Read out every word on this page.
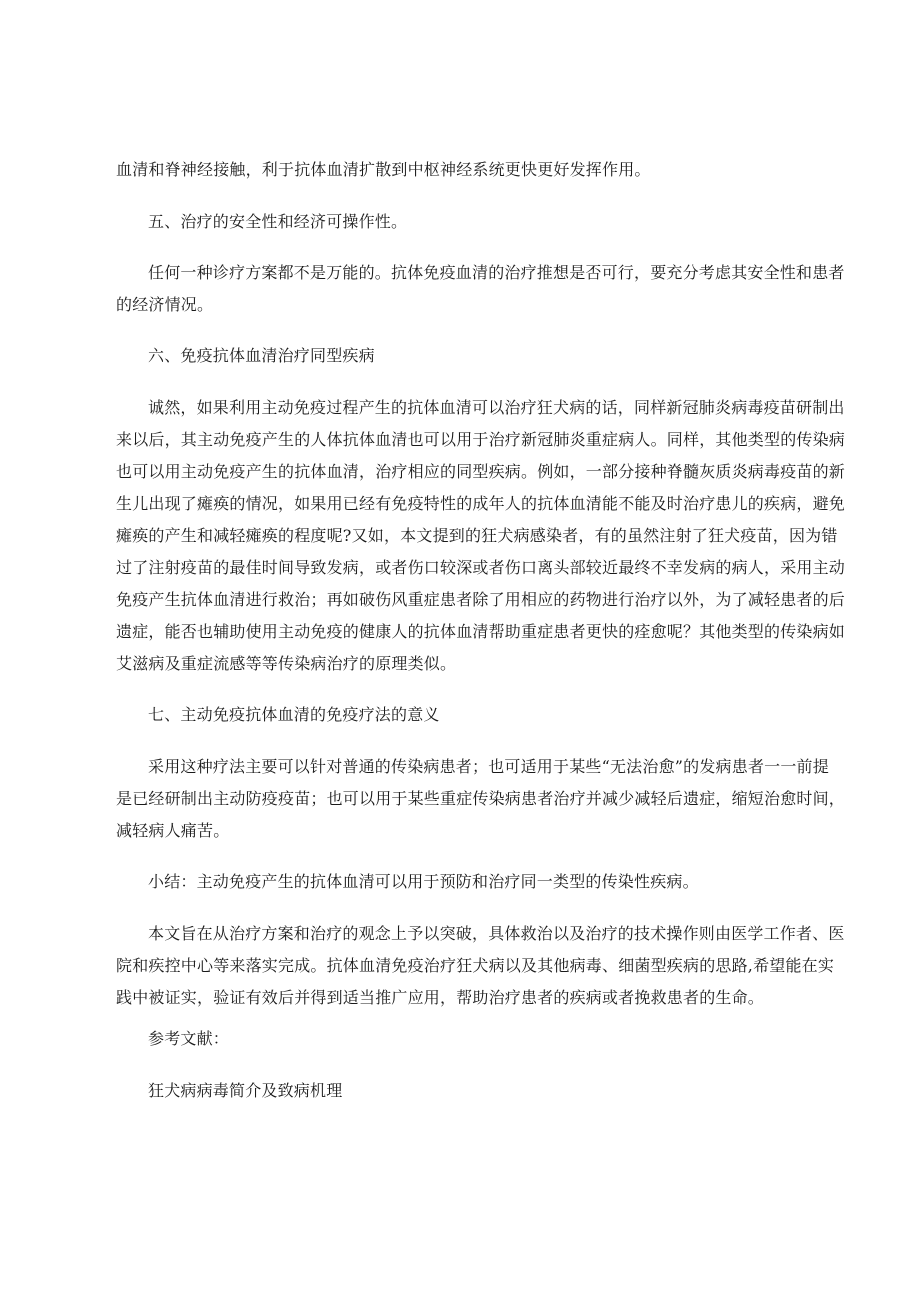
血清和脊神经接触，利于抗体血清扩散到中枢神经系统更快更好发挥作用。
五、治疗的安全性和经济可操作性。
任何一种诊疗方案都不是万能的。抗体免疫血清的治疗推想是否可行，要充分考虑其安全性和患者
的经济情况。
六、免疫抗体血清治疗同型疾病
诚然，如果利用主动免疫过程产生的抗体血清可以治疗狂犬病的话，同样新冠肺炎病毒疫苗研制出
来以后，其主动免疫产生的人体抗体血清也可以用于治疗新冠肺炎重症病人。同样，其他类型的传染病
也可以用主动免疫产生的抗体血清，治疗相应的同型疾病。例如，一部分接种脊髓灰质炎病毒疫苗的新
生儿出现了瘫痪的情况，如果用已经有免疫特性的成年人的抗体血清能不能及时治疗患儿的疾病，避免
瘫痪的产生和减轻瘫痪的程度呢?又如，本文提到的狂犬病感染者，有的虽然注射了狂犬疫苗，因为错
过了注射疫苗的最佳时间导致发病，或者伤口较深或者伤口离头部较近最终不幸发病的病人，采用主动
免疫产生抗体血清进行救治；再如破伤风重症患者除了用相应的药物进行治疗以外，为了减轻患者的后
遗症，能否也辅助使用主动免疫的健康人的抗体血清帮助重症患者更快的痊愈呢？其他类型的传染病如
艾滋病及重症流感等等传染病治疗的原理类似。
七、主动免疫抗体血清的免疫疗法的意义
采用这种疗法主要可以针对普通的传染病患者；也可适用于某些“无法治愈”的发病患者一一前提
是已经研制出主动防疫疫苗；也可以用于某些重症传染病患者治疗并减少减轻后遗症，缩短治愈时间，
减轻病人痛苦。
小结：主动免疫产生的抗体血清可以用于预防和治疗同一类型的传染性疾病。
本文旨在从治疗方案和治疗的观念上予以突破，具体救治以及治疗的技术操作则由医学工作者、医
院和疾控中心等来落实完成。抗体血清免疫治疗狂犬病以及其他病毒、细菌型疾病的思路,希望能在实
践中被证实，验证有效后并得到适当推广应用，帮助治疗患者的疾病或者挽救患者的生命。
参考文献：
狂犬病病毒简介及致病机理
